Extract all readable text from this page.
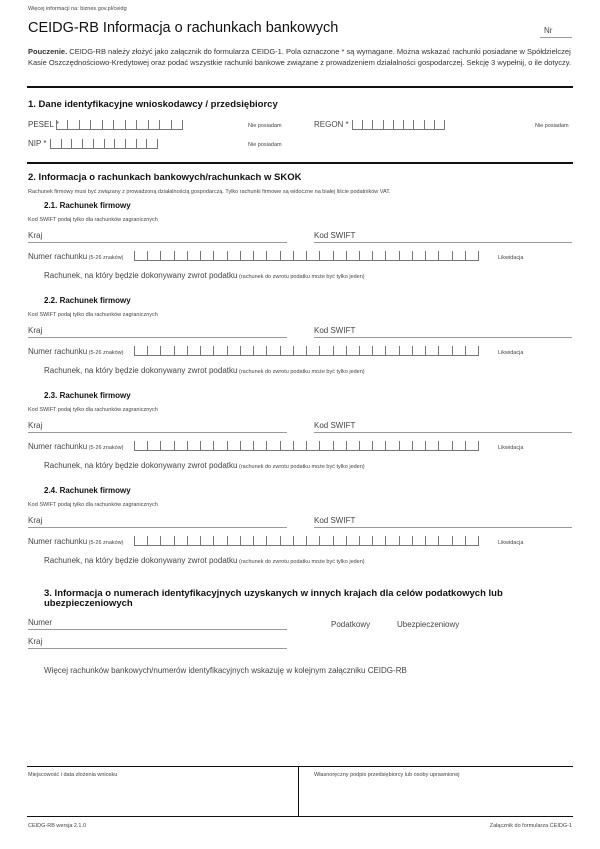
Więcej informacji na: biznes.gov.pl/ceidg
CEIDG-RB Informacja o rachunkach bankowych	Nr
Pouczenie. CEIDG-RB należy złożyć jako załącznik do formularza CEIDG-1. Pola oznaczone * są wymagane. Można wskazać rachunki posiadane w Spółdzielczej Kasie Oszczędnościowo-Kredytowej oraz podać wszystkie rachunki bankowe związane z prowadzeniem działalności gospodarczej. Sekcję 3 wypełnij, o ile dotyczy.
1. Dane identyfikacyjne wnioskodawcy / przedsiębiorcy
PESEL *	Nie posiadam	REGON *	Nie posiadam
NIP *	Nie posiadam
2. Informacja o rachunkach bankowych/rachunkach w SKOK
Rachunek firmowy musi być związany z prowadzoną działalnością gospodarczą. Tylko rachunki firmowe są widoczne na białej liście podatników VAT.
2.1. Rachunek firmowy
Kod SWIFT podaj tylko dla rachunków zagranicznych
Kraj	Kod SWIFT
Numer rachunku (5-26 znaków)	Likwidacja
Rachunek, na który będzie dokonywany zwrot podatku (rachunek do zwrotu podatku może być tylko jeden)
2.2. Rachunek firmowy
Kod SWIFT podaj tylko dla rachunków zagranicznych
Kraj	Kod SWIFT
Numer rachunku (5-26 znaków)	Likwidacja
Rachunek, na który będzie dokonywany zwrot podatku (rachunek do zwrotu podatku może być tylko jeden)
2.3. Rachunek firmowy
Kod SWIFT podaj tylko dla rachunków zagranicznych
Kraj	Kod SWIFT
Numer rachunku (5-26 znaków)	Likwidacja
Rachunek, na który będzie dokonywany zwrot podatku (rachunek do zwrotu podatku może być tylko jeden)
2.4. Rachunek firmowy
Kod SWIFT podaj tylko dla rachunków zagranicznych
Kraj	Kod SWIFT
Numer rachunku (5-26 znaków)	Likwidacja
Rachunek, na który będzie dokonywany zwrot podatku (rachunek do zwrotu podatku może być tylko jeden)
3. Informacja o numerach identyfikacyjnych uzyskanych w innych krajach dla celów podatkowych lub ubezpieczeniowych
Numer	Podatkowy	Ubezpieczeniowy
Kraj
Więcej rachunków bankowych/numerów identyfikacyjnych wskazuję w kolejnym załączniku CEIDG-RB
Miejscowość i data złożenia wniosku	Własnoręczny podpis przedsiębiorcy lub osoby uprawnionej
CEIDG-RB wersja 2.1.0	Załącznik do formularza CEIDG-1
